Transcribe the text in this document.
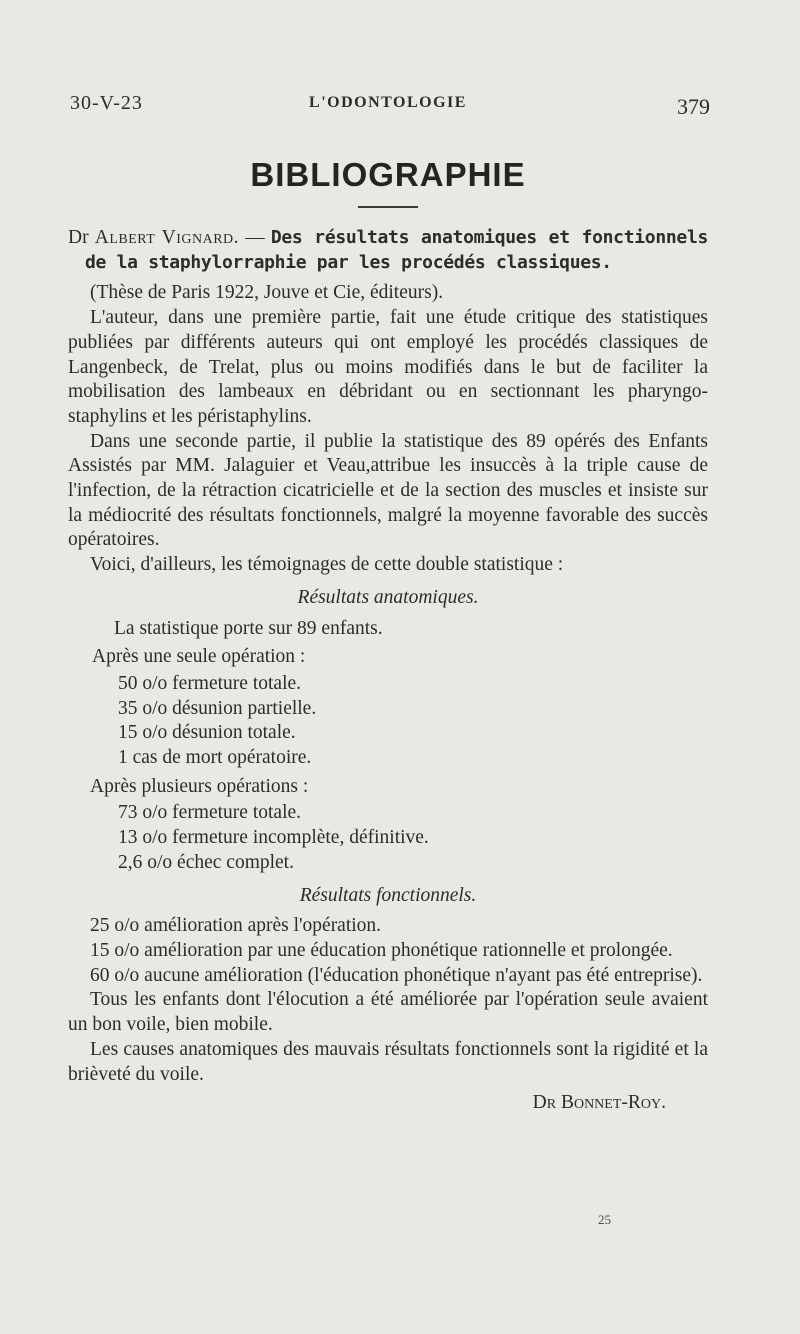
30-V-23	L'ODONTOLOGIE	379
BIBLIOGRAPHIE

Dr Albert Vignard. — Des résultats anatomiques et fonctionnels de la staphylorraphie par les procédés classiques.

(Thèse de Paris 1922, Jouve et Cie, éditeurs).

L'auteur, dans une première partie, fait une étude critique des statistiques publiées par différents auteurs qui ont employé les procédés classiques de Langenbeck, de Trelat, plus ou moins modifiés dans le but de faciliter la mobilisation des lambeaux en débridant ou en sectionnant les pharyngo-staphylins et les péristaphylins.

Dans une seconde partie, il publie la statistique des 89 opérés des Enfants Assistés par MM. Jalaguier et Veau,attribue les insuccès à la triple cause de l'infection, de la rétraction cicatricielle et de la section des muscles et insiste sur la médiocrité des résultats fonctionnels, malgré la moyenne favorable des succès opératoires.

Voici, d'ailleurs, les témoignages de cette double statistique :

Résultats anatomiques.

La statistique porte sur 89 enfants.

Après une seule opération :

50 o/o fermeture totale.
35 o/o désunion partielle.
15 o/o désunion totale.
1 cas de mort opératoire.

Après plusieurs opérations :

73 o/o fermeture totale.
13 o/o fermeture incomplète, définitive.
2,6 o/o échec complet.

Résultats fonctionnels.

25 o/o amélioration après l'opération.

15 o/o amélioration par une éducation phonétique rationnelle et prolongée.

60 o/o aucune amélioration (l'éducation phonétique n'ayant pas été entreprise).

Tous les enfants dont l'élocution a été améliorée par l'opération seule avaient un bon voile, bien mobile.

Les causes anatomiques des mauvais résultats fonctionnels sont la rigidité et la brièveté du voile.

Dr Bonnet-Roy.

25
